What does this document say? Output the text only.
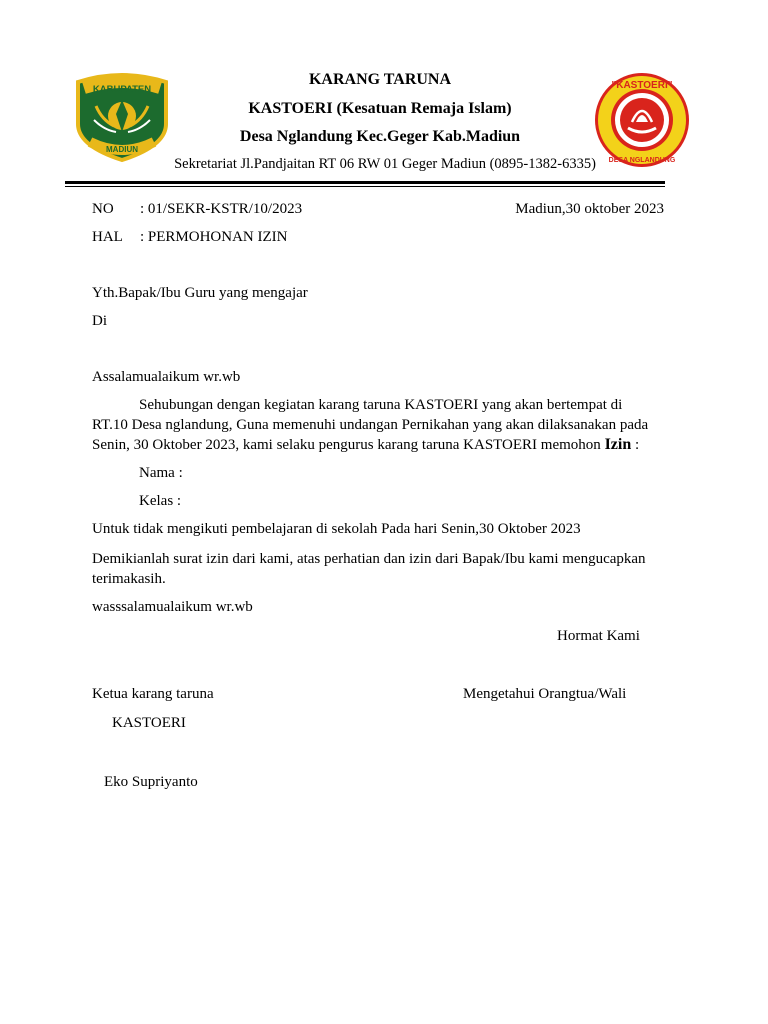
KABUPATEN
MADIUN
"KASTOERI"
DESA NGLANDUNG
KARANG TARUNA
KASTOERI (Kesatuan Remaja Islam)
Desa Nglandung Kec.Geger Kab.Madiun
Sekretariat Jl.Pandjaitan RT 06 RW 01 Geger Madiun (0895-1382-6335)
NO : 01/SEKR-KSTR/10/2023	Madiun,30 oktober 2023
HAL : PERMOHONAN IZIN
Yth.Bapak/Ibu Guru yang mengajar
Di
Assalamualaikum wr.wb
Sehubungan dengan kegiatan karang taruna KASTOERI yang akan bertempat di RT.10 Desa nglandung, Guna memenuhi undangan Pernikahan yang akan dilaksanakan pada Senin, 30 Oktober 2023, kami selaku pengurus karang taruna KASTOERI memohon Izin :
Nama :
Kelas :
Untuk tidak mengikuti pembelajaran di sekolah Pada hari Senin,30 Oktober 2023
Demikianlah surat izin dari kami, atas perhatian dan izin dari Bapak/Ibu kami mengucapkan terimakasih.
wasssalamualaikum wr.wb
Hormat Kami
Ketua karang taruna	Mengetahui Orangtua/Wali
KASTOERI
Eko Supriyanto
